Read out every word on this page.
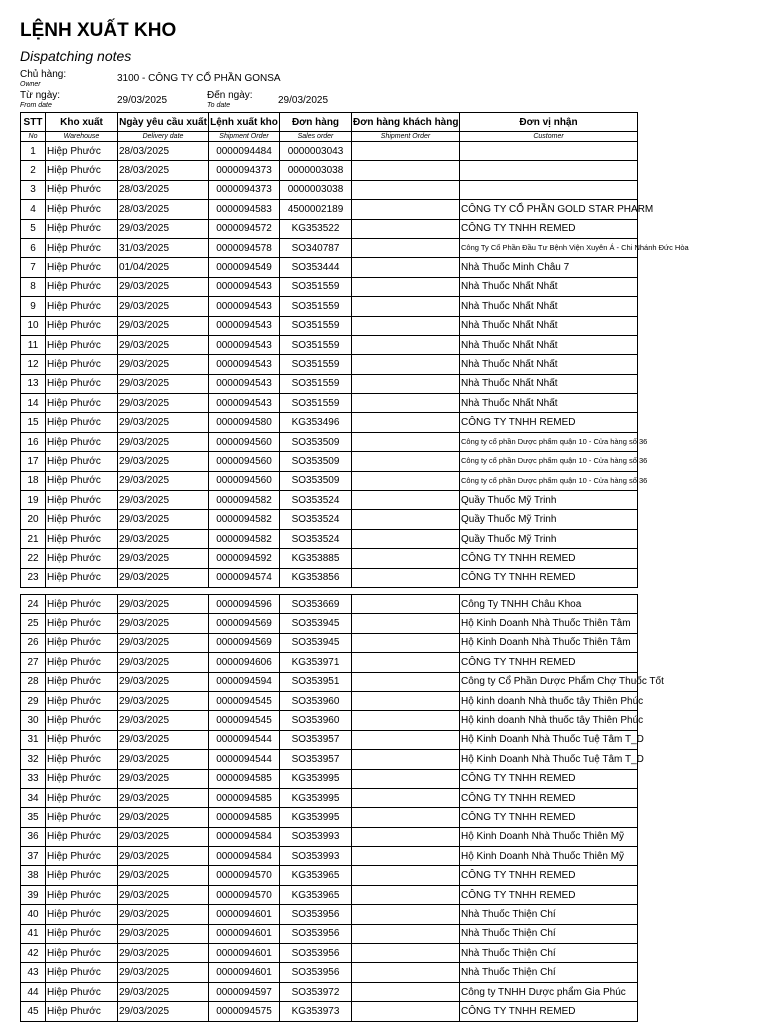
LỆNH XUẤT KHO
Dispatching notes
Chủ hàng:
Owner
3100 - CÔNG TY CỔ PHẦN GONSA
Từ ngày:
From date	29/03/2025	Đến ngày:
To date	29/03/2025
STT	Kho xuất	Ngày yêu cầu xuất	Lệnh xuất kho	Đơn hàng	Đơn hàng khách hàng	Đơn vị nhận
No	Warehouse	Delivery date	Shipment Order	Sales order	Shipment Order	Customer
1	Hiệp Phước	28/03/2025	0000094484	0000003043		
2	Hiệp Phước	28/03/2025	0000094373	0000003038		
3	Hiệp Phước	28/03/2025	0000094373	0000003038		
4	Hiệp Phước	28/03/2025	0000094583	4500002189		CÔNG TY CỔ PHẦN GOLD STAR PHARM
5	Hiệp Phước	29/03/2025	0000094572	KG353522		CÔNG TY TNHH REMED
6	Hiệp Phước	31/03/2025	0000094578	SO340787		Công Ty Cổ Phần Đầu Tư Bệnh Viện Xuyên Á - Chi Nhánh Đức Hòa
7	Hiệp Phước	01/04/2025	0000094549	SO353444		Nhà Thuốc Minh Châu 7
8	Hiệp Phước	29/03/2025	0000094543	SO351559		Nhà Thuốc Nhất Nhất
9	Hiệp Phước	29/03/2025	0000094543	SO351559		Nhà Thuốc Nhất Nhất
10	Hiệp Phước	29/03/2025	0000094543	SO351559		Nhà Thuốc Nhất Nhất
11	Hiệp Phước	29/03/2025	0000094543	SO351559		Nhà Thuốc Nhất Nhất
12	Hiệp Phước	29/03/2025	0000094543	SO351559		Nhà Thuốc Nhất Nhất
13	Hiệp Phước	29/03/2025	0000094543	SO351559		Nhà Thuốc Nhất Nhất
14	Hiệp Phước	29/03/2025	0000094543	SO351559		Nhà Thuốc Nhất Nhất
15	Hiệp Phước	29/03/2025	0000094580	KG353496		CÔNG TY TNHH REMED
16	Hiệp Phước	29/03/2025	0000094560	SO353509		Công ty cổ phần Dược phẩm quận 10 - Cửa hàng số 36
17	Hiệp Phước	29/03/2025	0000094560	SO353509		Công ty cổ phần Dược phẩm quận 10 - Cửa hàng số 36
18	Hiệp Phước	29/03/2025	0000094560	SO353509		Công ty cổ phần Dược phẩm quận 10 - Cửa hàng số 36
19	Hiệp Phước	29/03/2025	0000094582	SO353524		Quầy Thuốc Mỹ Trinh
20	Hiệp Phước	29/03/2025	0000094582	SO353524		Quầy Thuốc Mỹ Trinh
21	Hiệp Phước	29/03/2025	0000094582	SO353524		Quầy Thuốc Mỹ Trinh
22	Hiệp Phước	29/03/2025	0000094592	KG353885		CÔNG TY TNHH REMED
23	Hiệp Phước	29/03/2025	0000094574	KG353856		CÔNG TY TNHH REMED
24	Hiệp Phước	29/03/2025	0000094596	SO353669		Công Ty TNHH Châu Khoa
25	Hiệp Phước	29/03/2025	0000094569	SO353945		Hộ Kinh Doanh Nhà Thuốc Thiên Tâm
26	Hiệp Phước	29/03/2025	0000094569	SO353945		Hộ Kinh Doanh Nhà Thuốc Thiên Tâm
27	Hiệp Phước	29/03/2025	0000094606	KG353971		CÔNG TY TNHH REMED
28	Hiệp Phước	29/03/2025	0000094594	SO353951		Công ty Cổ Phần Dược Phẩm Chợ Thuốc Tốt
29	Hiệp Phước	29/03/2025	0000094545	SO353960		Hộ kinh doanh Nhà thuốc tây Thiên Phúc
30	Hiệp Phước	29/03/2025	0000094545	SO353960		Hộ kinh doanh Nhà thuốc tây Thiên Phúc
31	Hiệp Phước	29/03/2025	0000094544	SO353957		Hộ Kinh Doanh Nhà Thuốc Tuệ Tâm T_D
32	Hiệp Phước	29/03/2025	0000094544	SO353957		Hộ Kinh Doanh Nhà Thuốc Tuệ Tâm T_D
33	Hiệp Phước	29/03/2025	0000094585	KG353995		CÔNG TY TNHH REMED
34	Hiệp Phước	29/03/2025	0000094585	KG353995		CÔNG TY TNHH REMED
35	Hiệp Phước	29/03/2025	0000094585	KG353995		CÔNG TY TNHH REMED
36	Hiệp Phước	29/03/2025	0000094584	SO353993		Hộ Kinh Doanh Nhà Thuốc Thiên Mỹ
37	Hiệp Phước	29/03/2025	0000094584	SO353993		Hộ Kinh Doanh Nhà Thuốc Thiên Mỹ
38	Hiệp Phước	29/03/2025	0000094570	KG353965		CÔNG TY TNHH REMED
39	Hiệp Phước	29/03/2025	0000094570	KG353965		CÔNG TY TNHH REMED
40	Hiệp Phước	29/03/2025	0000094601	SO353956		Nhà Thuốc Thiện Chí
41	Hiệp Phước	29/03/2025	0000094601	SO353956		Nhà Thuốc Thiện Chí
42	Hiệp Phước	29/03/2025	0000094601	SO353956		Nhà Thuốc Thiện Chí
43	Hiệp Phước	29/03/2025	0000094601	SO353956		Nhà Thuốc Thiện Chí
44	Hiệp Phước	29/03/2025	0000094597	SO353972		Công ty TNHH Dược phẩm Gia Phúc
45	Hiệp Phước	29/03/2025	0000094575	KG353973		CÔNG TY TNHH REMED
